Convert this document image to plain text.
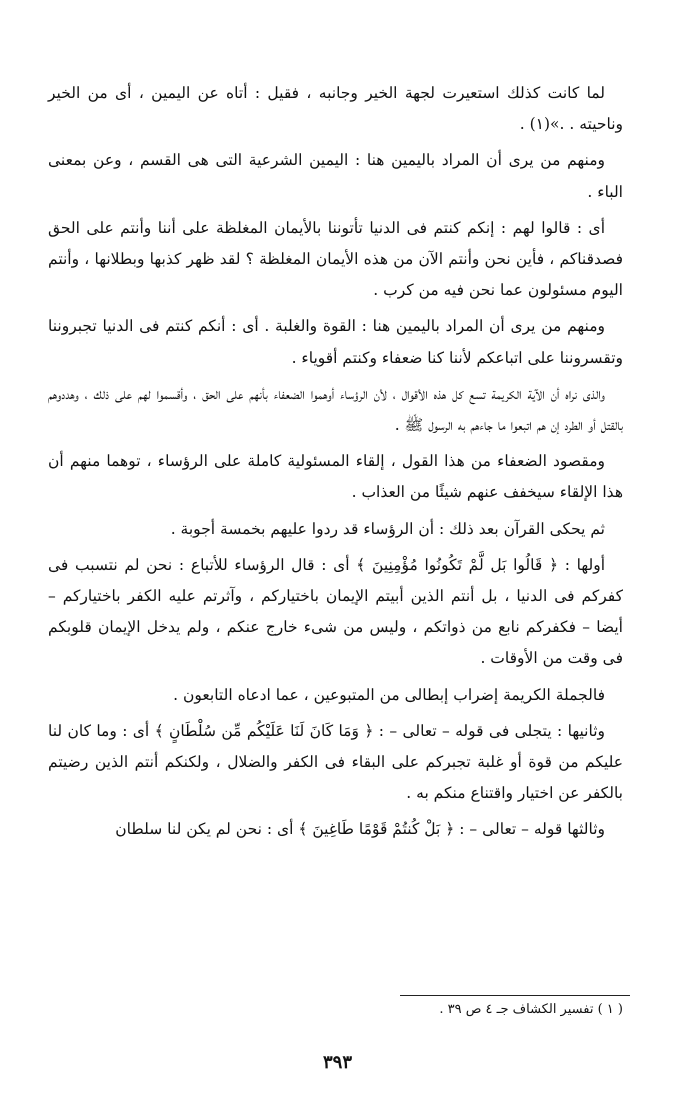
لما كانت كذلك استعيرت لجهة الخير وجانبه ، فقيل : أتاه عن اليمين ، أى من الخير وناحيته . .»(١) .

ومنهم من يرى أن المراد باليمين هنا : اليمين الشرعية التى هى القسم ، وعن بمعنى الباء .

أى : قالوا لهم : إنكم كنتم فى الدنيا تأتوننا بالأيمان المغلظة على أننا وأنتم على الحق فصدقناكم ، فأين نحن وأنتم الآن من هذه الأيمان المغلظة ؟ لقد ظهر كذبها وبطلانها ، وأنتم اليوم مسئولون عما نحن فيه من كرب .

ومنهم من يرى أن المراد باليمين هنا : القوة والغلبة . أى : أنكم كنتم فى الدنيا تجبروننا وتقسروننا على اتباعكم لأننا كنا ضعفاء وكنتم أقوياء .

والذى نراه أن الآية الكريمة تسع كل هذه الأقوال ، لأن الرؤساء أوهموا الضعفاء بأنهم على الحق ، وأقسموا لهم على ذلك ، وهددوهم بالقتل أو الطرد إن هم اتبعوا ما جاءهم به الرسول ﷺ .

ومقصود الضعفاء من هذا القول ، إلقاء المسئولية كاملة على الرؤساء ، توهما منهم أن هذا الإلقاء سيخفف عنهم شيئًا من العذاب .

ثم يحكى القرآن بعد ذلك : أن الرؤساء قد ردوا عليهم بخمسة أجوبة .

أولها : ﴿ قَالُوا بَل لَّمْ تَكُونُوا مُؤْمِنِينَ ﴾ أى : قال الرؤساء للأتباع : نحن لم نتسبب فى كفركم فى الدنيا ، بل أنتم الذين أبيتم الإيمان باختياركم ، وآثرتم عليه الكفر باختياركم – أيضا – فكفركم نابع من ذواتكم ، وليس من شىء خارج عنكم ، ولم يدخل الإيمان قلوبكم فى وقت من الأوقات .

فالجملة الكريمة إضراب إبطالى من المتبوعين ، عما ادعاه التابعون .

وثانيها : يتجلى فى قوله – تعالى – : ﴿ وَمَا كَانَ لَنَا عَلَيْكُم مِّن سُلْطَانٍ ﴾ أى : وما كان لنا عليكم من قوة أو غلبة تجبركم على البقاء فى الكفر والضلال ، ولكنكم أنتم الذين رضيتم بالكفر عن اختيار واقتناع منكم به .

وثالثها قوله – تعالى – : ﴿ بَلْ كُنتُمْ قَوْمًا طَاغِينَ ﴾ أى : نحن لم يكن لنا سلطان

( ١ ) تفسير الكشاف جـ ٤ ص ٣٩ .
٣٩٣
